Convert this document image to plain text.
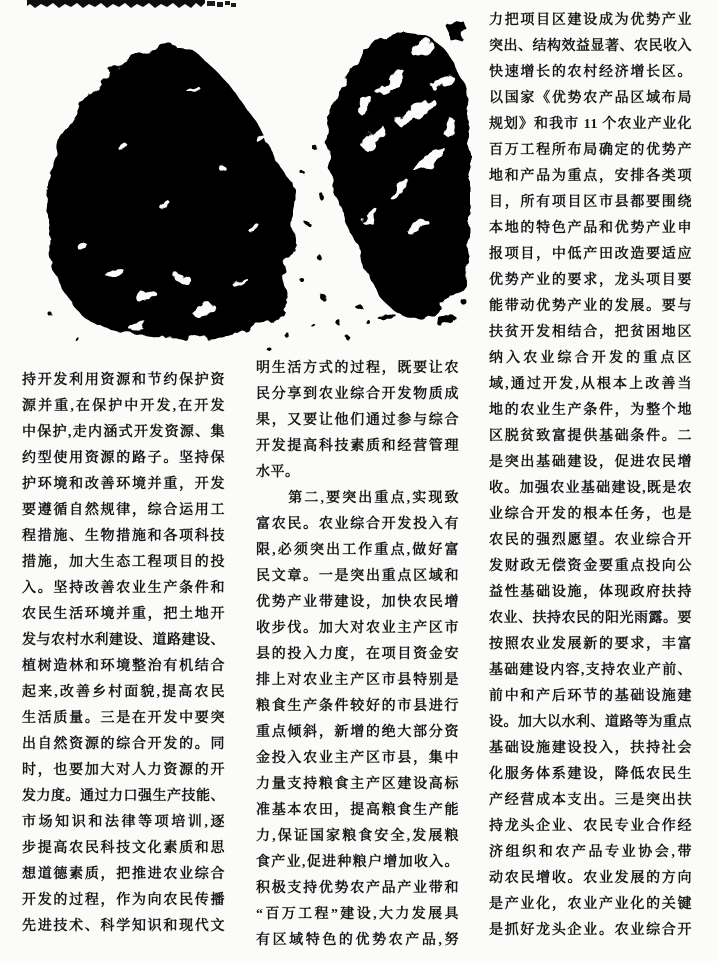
持开发利用资源和节约保护资
源并重,在保护中开发,在开发
中保护,走内涵式开发资源、集
约型使用资源的路子。坚持保
护环境和改善环境并重，开发
要遵循自然规律，综合运用工
程措施、生物措施和各项科技
措施，加大生态工程项目的投
入。坚持改善农业生产条件和
农民生活环境并重，把土地开
发与农村水利建设、道路建设、
植树造林和环境整治有机结合
起来,改善乡村面貌,提高农民
生活质量。三是在开发中要突
出自然资源的综合开发的。同
时，也要加大对人力资源的开
发力度。通过力口强生产技能、
市场知识和法律等项培训,逐
步提高农民科技文化素质和思
想道德素质，把推进农业综合
开发的过程，作为向农民传播
先进技术、科学知识和现代文
明生活方式的过程，既要让农
民分享到农业综合开发物质成
果，又要让他们通过参与综合
开发提高科技素质和经营管理
水平。
　　第二,要突出重点,实现致
富农民。农业综合开发投入有
限,必须突出工作重点,做好富
民文章。一是突出重点区域和
优势产业带建设，加快农民增
收步伐。加大对农业主产区市
县的投入力度，在项目资金安
排上对农业主产区市县特别是
粮食生产条件较好的市县进行
重点倾斜，新增的绝大部分资
金投入农业主产区市县，集中
力量支持粮食主产区建设高标
准基本农田，提高粮食生产能
力,保证国家粮食安全,发展粮
食产业,促进种粮户增加收入。
积极支持优势农产品产业带和
“百万工程”建设,大力发展具
有区域特色的优势农产品,努
力把项目区建设成为优势产业
突出、结构效益显著、农民收入
快速增长的农村经济增长区。
以国家《优势农产品区域布局
规划》和我市 11 个农业产业化
百万工程所布局确定的优势产
地和产品为重点，安排各类项
目，所有项目区市县都要围绕
本地的特色产品和优势产业申
报项目，中低产田改造要适应
优势产业的要求，龙头项目要
能带动优势产业的发展。要与
扶贫开发相结合，把贫困地区
纳入农业综合开发的重点区
域,通过开发,从根本上改善当
地的农业生产条件，为整个地
区脱贫致富提供基础条件。二
是突出基础建设，促进农民增
收。加强农业基础建设,既是农
业综合开发的根本任务，也是
农民的强烈愿望。农业综合开
发财政无偿资金要重点投向公
益性基础设施，体现政府扶持
农业、扶持农民的阳光雨露。要
按照农业发展新的要求，丰富
基础建设内容,支持农业产前、
前中和产后环节的基础设施建
设。加大以水利、道路等为重点
基础设施建设投入，扶持社会
化服务体系建设，降低农民生
产经营成本支出。三是突出扶
持龙头企业、农民专业合作经
济组织和农产品专业协会,带
动农民增收。农业发展的方向
是产业化，农业产业化的关键
是抓好龙头企业。农业综合开
